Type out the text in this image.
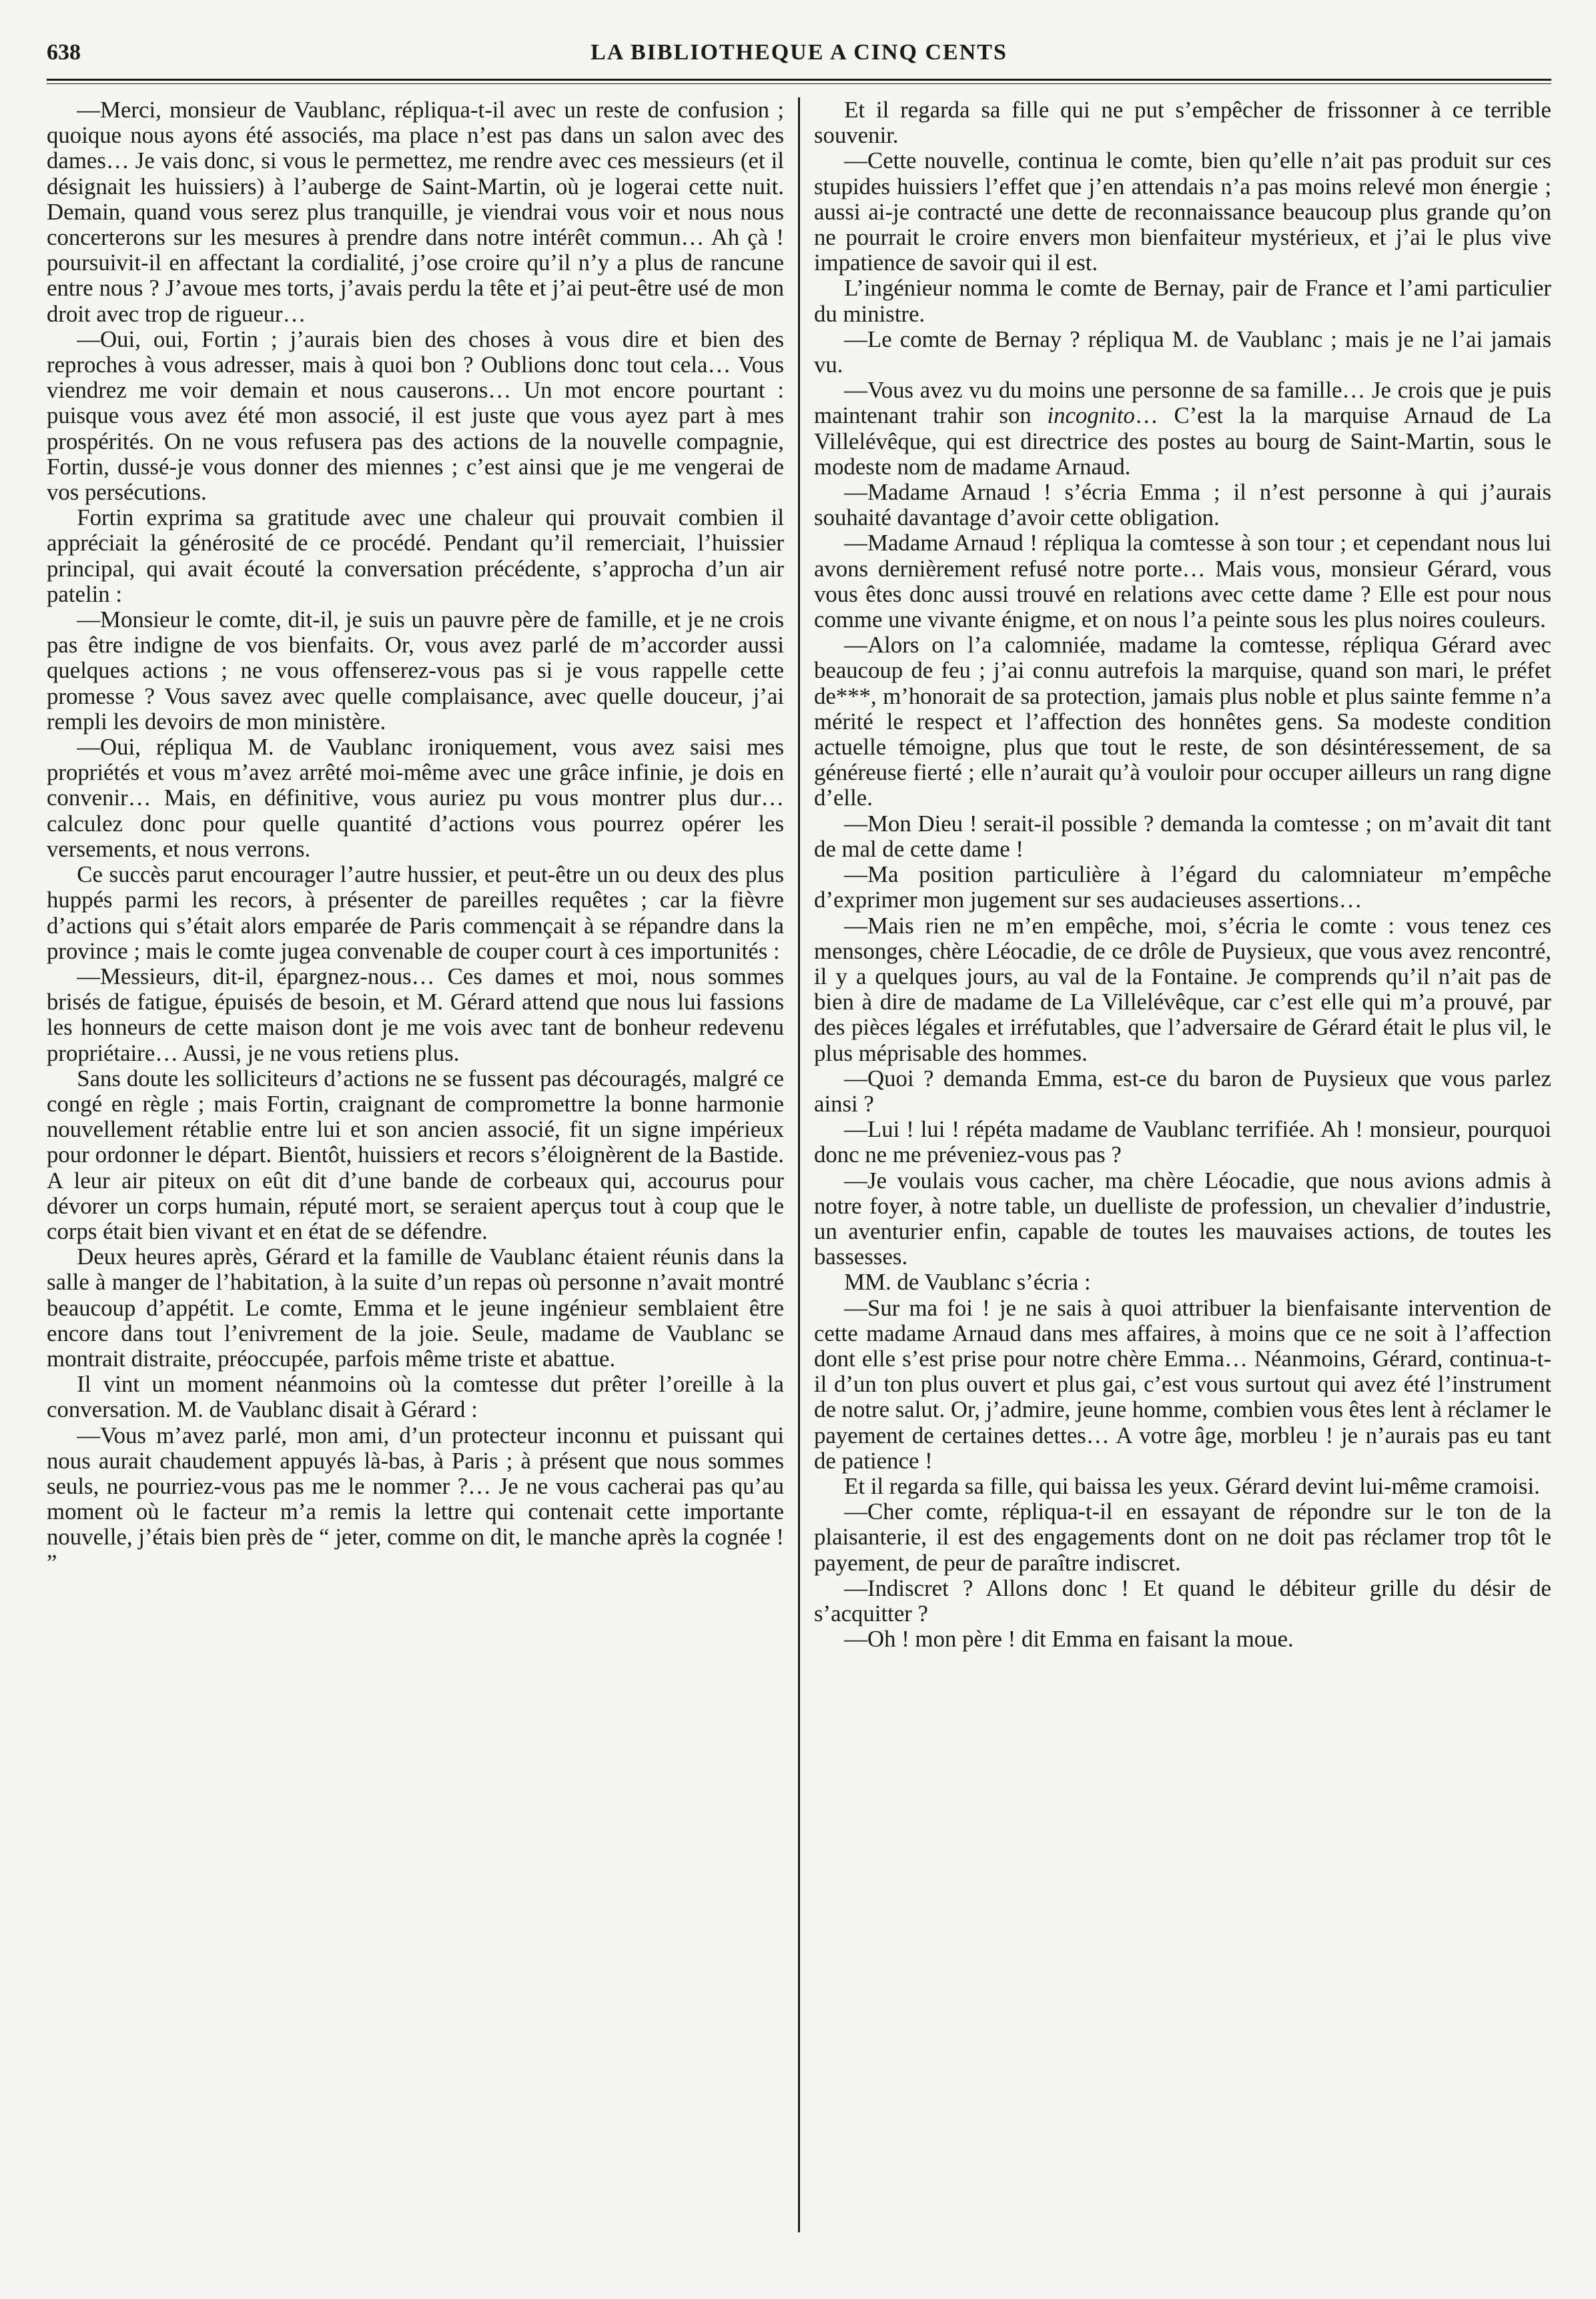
638	LA BIBLIOTHEQUE A CINQ CENTS

—Merci, monsieur de Vaublanc, répliqua-t-il avec un reste de confusion ; quoique nous ayons été associés, ma place n’est pas dans un salon avec des dames… Je vais donc, si vous le permettez, me rendre avec ces messieurs (et il désignait les huissiers) à l’auberge de Saint-Martin, où je logerai cette nuit. Demain, quand vous serez plus tranquille, je viendrai vous voir et nous nous concerterons sur les mesures à prendre dans notre intérêt commun… Ah çà ! poursuivit-il en affectant la cordialité, j’ose croire qu’il n’y a plus de rancune entre nous ? J’avoue mes torts, j’avais perdu la tête et j’ai peut-être usé de mon droit avec trop de rigueur…

—Oui, oui, Fortin ; j’aurais bien des choses à vous dire et bien des reproches à vous adresser, mais à quoi bon ? Oublions donc tout cela… Vous viendrez me voir demain et nous causerons… Un mot encore pourtant : puisque vous avez été mon associé, il est juste que vous ayez part à mes prospérités. On ne vous refusera pas des actions de la nouvelle compagnie, Fortin, dussé-je vous donner des miennes ; c’est ainsi que je me vengerai de vos persécutions.

Fortin exprima sa gratitude avec une chaleur qui prouvait combien il appréciait la générosité de ce procédé. Pendant qu’il remerciait, l’huissier principal, qui avait écouté la conversation précédente, s’approcha d’un air patelin :

—Monsieur le comte, dit-il, je suis un pauvre père de famille, et je ne crois pas être indigne de vos bienfaits. Or, vous avez parlé de m’accorder aussi quelques actions ; ne vous offenserez-vous pas si je vous rappelle cette promesse ? Vous savez avec quelle complaisance, avec quelle douceur, j’ai rempli les devoirs de mon ministère.

—Oui, répliqua M. de Vaublanc ironiquement, vous avez saisi mes propriétés et vous m’avez arrêté moi-même avec une grâce infinie, je dois en convenir… Mais, en définitive, vous auriez pu vous montrer plus dur… calculez donc pour quelle quantité d’actions vous pourrez opérer les versements, et nous verrons.

Ce succès parut encourager l’autre hussier, et peut-être un ou deux des plus huppés parmi les recors, à présenter de pareilles requêtes ; car la fièvre d’actions qui s’était alors emparée de Paris commençait à se répandre dans la province ; mais le comte jugea convenable de couper court à ces importunités :

—Messieurs, dit-il, épargnez-nous… Ces dames et moi, nous sommes brisés de fatigue, épuisés de besoin, et M. Gérard attend que nous lui fassions les honneurs de cette maison dont je me vois avec tant de bonheur redevenu propriétaire… Aussi, je ne vous retiens plus.

Sans doute les solliciteurs d’actions ne se fussent pas découragés, malgré ce congé en règle ; mais Fortin, craignant de compromettre la bonne harmonie nouvellement rétablie entre lui et son ancien associé, fit un signe impérieux pour ordonner le départ. Bientôt, huissiers et recors s’éloignèrent de la Bastide. A leur air piteux on eût dit d’une bande de corbeaux qui, accourus pour dévorer un corps humain, réputé mort, se seraient aperçus tout à coup que le corps était bien vivant et en état de se défendre.

Deux heures après, Gérard et la famille de Vaublanc étaient réunis dans la salle à manger de l’habitation, à la suite d’un repas où personne n’avait montré beaucoup d’appétit. Le comte, Emma et le jeune ingénieur semblaient être encore dans tout l’enivrement de la joie. Seule, madame de Vaublanc se montrait distraite, préoccupée, parfois même triste et abattue.

Il vint un moment néanmoins où la comtesse dut prêter l’oreille à la conversation. M. de Vaublanc disait à Gérard :

—Vous m’avez parlé, mon ami, d’un protecteur inconnu et puissant qui nous aurait chaudement appuyés là-bas, à Paris ; à présent que nous sommes seuls, ne pourriez-vous pas me le nommer ?… Je ne vous cacherai pas qu’au moment où le facteur m’a remis la lettre qui contenait cette importante nouvelle, j’étais bien près de “ jeter, comme on dit, le manche après la cognée ! ”

Et il regarda sa fille qui ne put s’empêcher de frissonner à ce terrible souvenir.

—Cette nouvelle, continua le comte, bien qu’elle n’ait pas produit sur ces stupides huissiers l’effet que j’en attendais n’a pas moins relevé mon énergie ; aussi ai-je contracté une dette de reconnaissance beaucoup plus grande qu’on ne pourrait le croire envers mon bienfaiteur mystérieux, et j’ai le plus vive impatience de savoir qui il est.

L’ingénieur nomma le comte de Bernay, pair de France et l’ami particulier du ministre.

—Le comte de Bernay ? répliqua M. de Vaublanc ; mais je ne l’ai jamais vu.

—Vous avez vu du moins une personne de sa famille… Je crois que je puis maintenant trahir son incognito… C’est la la marquise Arnaud de La Villelévêque, qui est directrice des postes au bourg de Saint-Martin, sous le modeste nom de madame Arnaud.

—Madame Arnaud ! s’écria Emma ; il n’est personne à qui j’aurais souhaité davantage d’avoir cette obligation.

—Madame Arnaud ! répliqua la comtesse à son tour ; et cependant nous lui avons dernièrement refusé notre porte… Mais vous, monsieur Gérard, vous vous êtes donc aussi trouvé en relations avec cette dame ? Elle est pour nous comme une vivante énigme, et on nous l’a peinte sous les plus noires couleurs.

—Alors on l’a calomniée, madame la comtesse, répliqua Gérard avec beaucoup de feu ; j’ai connu autrefois la marquise, quand son mari, le préfet de***, m’honorait de sa protection, jamais plus noble et plus sainte femme n’a mérité le respect et l’affection des honnêtes gens. Sa modeste condition actuelle témoigne, plus que tout le reste, de son désintéressement, de sa généreuse fierté ; elle n’aurait qu’à vouloir pour occuper ailleurs un rang digne d’elle.

—Mon Dieu ! serait-il possible ? demanda la comtesse ; on m’avait dit tant de mal de cette dame !

—Ma position particulière à l’égard du calomniateur m’empêche d’exprimer mon jugement sur ses audacieuses assertions…

—Mais rien ne m’en empêche, moi, s’écria le comte : vous tenez ces mensonges, chère Léocadie, de ce drôle de Puysieux, que vous avez rencontré, il y a quelques jours, au val de la Fontaine. Je comprends qu’il n’ait pas de bien à dire de madame de La Villelévêque, car c’est elle qui m’a prouvé, par des pièces légales et irréfutables, que l’adversaire de Gérard était le plus vil, le plus méprisable des hommes.

—Quoi ? demanda Emma, est-ce du baron de Puysieux que vous parlez ainsi ?

—Lui ! lui ! répéta madame de Vaublanc terrifiée. Ah ! monsieur, pourquoi donc ne me préveniez-vous pas ?

—Je voulais vous cacher, ma chère Léocadie, que nous avions admis à notre foyer, à notre table, un duelliste de profession, un chevalier d’industrie, un aventurier enfin, capable de toutes les mauvaises actions, de toutes les bassesses.

MM. de Vaublanc s’écria :

—Sur ma foi ! je ne sais à quoi attribuer la bienfaisante intervention de cette madame Arnaud dans mes affaires, à moins que ce ne soit à l’affection dont elle s’est prise pour notre chère Emma… Néanmoins, Gérard, continua-t-il d’un ton plus ouvert et plus gai, c’est vous surtout qui avez été l’instrument de notre salut. Or, j’admire, jeune homme, combien vous êtes lent à réclamer le payement de certaines dettes… A votre âge, morbleu ! je n’aurais pas eu tant de patience !

Et il regarda sa fille, qui baissa les yeux. Gérard devint lui-même cramoisi.

—Cher comte, répliqua-t-il en essayant de répondre sur le ton de la plaisanterie, il est des engagements dont on ne doit pas réclamer trop tôt le payement, de peur de paraître indiscret.

—Indiscret ? Allons donc ! Et quand le débiteur grille du désir de s’acquitter ?

—Oh ! mon père ! dit Emma en faisant la moue.
